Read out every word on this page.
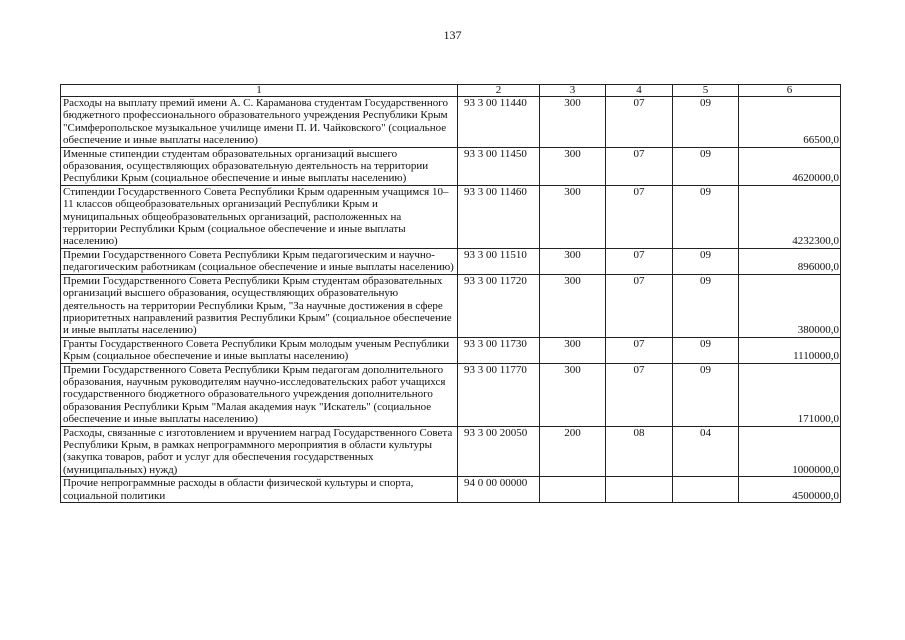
137
1	2	3	4	5	6
Расходы на выплату премий имени А. С. Караманова студентам Государственного бюджетного профессионального образовательного учреждения Республики Крым "Симферопольское музыкальное училище имени П. И. Чайковского" (социальное обеспечение и иные выплаты населению)	93 3 00 11440	300	07	09	66500,0
Именные стипендии студентам образовательных организаций высшего образования, осуществляющих образовательную деятельность на территории Республики Крым (социальное обеспечение и иные выплаты населению)	93 3 00 11450	300	07	09	4620000,0
Стипендии Государственного Совета Республики Крым одаренным учащимся 10–11 классов общеобразовательных организаций Республики Крым и муниципальных общеобразовательных организаций, расположенных на территории Республики Крым (социальное обеспечение и иные выплаты населению)	93 3 00 11460	300	07	09	4232300,0
Премии Государственного Совета Республики Крым педагогическим и научно-педагогическим работникам (социальное обеспечение и иные выплаты населению)	93 3 00 11510	300	07	09	896000,0
Премии Государственного Совета Республики Крым студентам образовательных организаций высшего образования, осуществляющих образовательную деятельность на территории Республики Крым, "За научные достижения в сфере приоритетных направлений развития Республики Крым" (социальное обеспечение и иные выплаты населению)	93 3 00 11720	300	07	09	380000,0
Гранты Государственного Совета Республики Крым молодым ученым Республики Крым (социальное обеспечение и иные выплаты населению)	93 3 00 11730	300	07	09	1110000,0
Премии Государственного Совета Республики Крым педагогам дополнительного образования, научным руководителям научно-исследовательских работ учащихся государственного бюджетного образовательного учреждения дополнительного образования Республики Крым "Малая академия наук "Искатель" (социальное обеспечение и иные выплаты населению)	93 3 00 11770	300	07	09	171000,0
Расходы, связанные с изготовлением и вручением наград Государственного Совета Республики Крым, в рамках непрограммного мероприятия в области культуры (закупка товаров, работ и услуг для обеспечения государственных (муниципальных) нужд)	93 3 00 20050	200	08	04	1000000,0
Прочие непрограммные расходы в области физической культуры и спорта, социальной политики	94 0 00 00000				4500000,0
